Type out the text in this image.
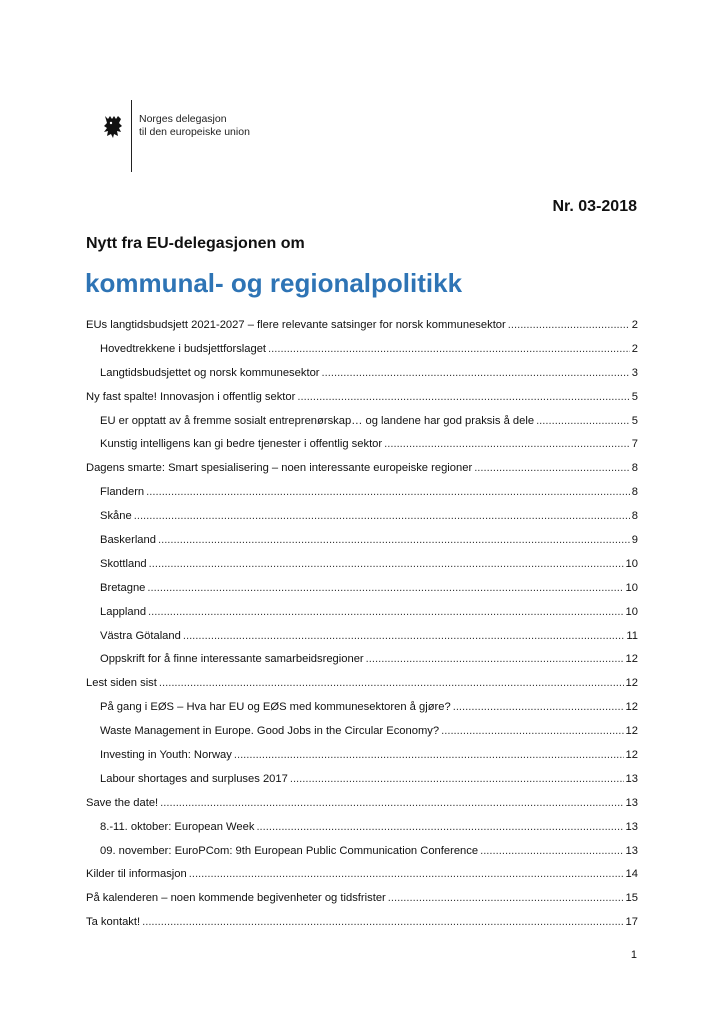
Norges delegasjon
til den europeiske union
Nr. 03-2018
Nytt fra EU-delegasjonen om
kommunal- og regionalpolitikk
EUs langtidsbudsjett 2021-2027 – flere relevante satsinger for norsk kommunesektor .....	2
Hovedtrekkene i budsjettforslaget .....	2
Langtidsbudsjettet og norsk kommunesektor .....	3
Ny fast spalte! Innovasjon i offentlig sektor .....	5
EU er opptatt av å fremme sosialt entreprenørskap… og landene har god praksis å dele .....	5
Kunstig intelligens kan gi bedre tjenester i offentlig sektor .....	7
Dagens smarte: Smart spesialisering – noen interessante europeiske regioner .....	8
Flandern .....	8
Skåne .....	8
Baskerland .....	9
Skottland .....	10
Bretagne .....	10
Lappland .....	10
Västra Götaland .....	11
Oppskrift for å finne interessante samarbeidsregioner .....	12
Lest siden sist .....	12
På gang i EØS – Hva har EU og EØS med kommunesektoren å gjøre? .....	12
Waste Management in Europe. Good Jobs in the Circular Economy? .....	12
Investing in Youth: Norway .....	12
Labour shortages and surpluses 2017 .....	13
Save the date! .....	13
8.-11. oktober: European Week .....	13
09. november: EuroPCom: 9th European Public Communication Conference .....	13
Kilder til informasjon .....	14
På kalenderen – noen kommende begivenheter og tidsfrister .....	15
Ta kontakt! .....	17
1
